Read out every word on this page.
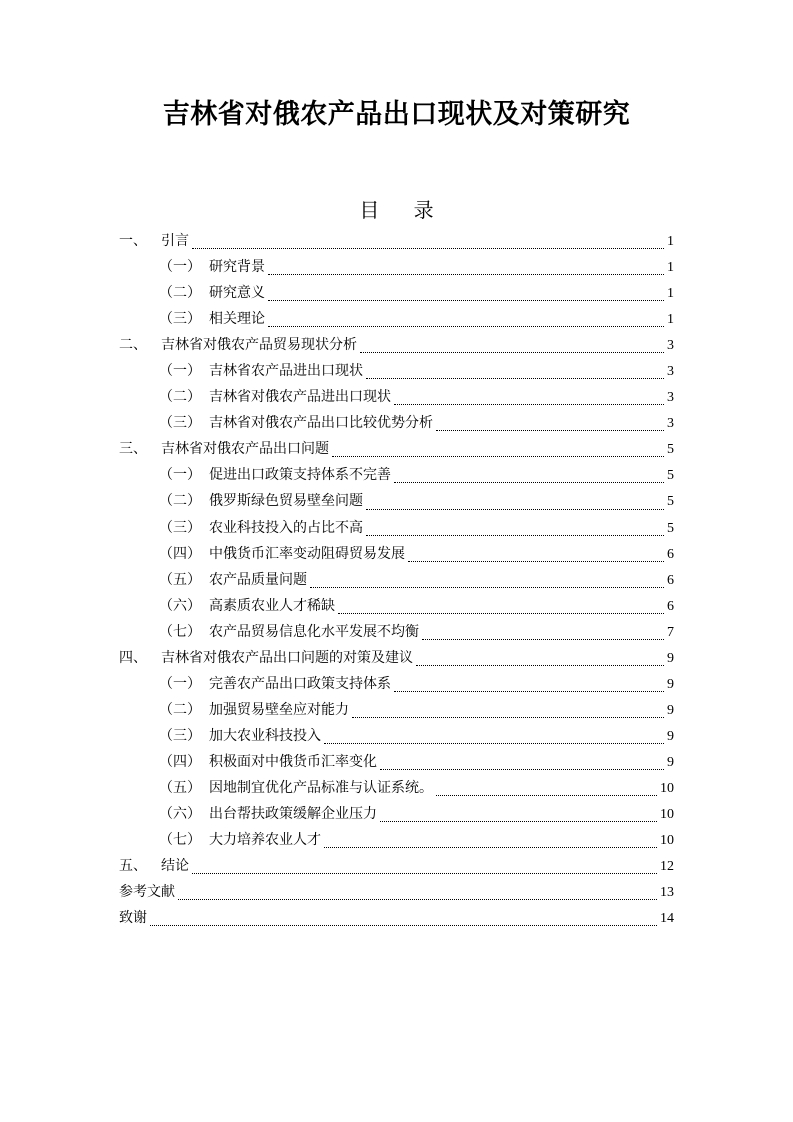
吉林省对俄农产品出口现状及对策研究
目 录
一、	引言	1
（一） 研究背景	1
（二） 研究意义	1
（三） 相关理论	1
二、	吉林省对俄农产品贸易现状分析	3
（一） 吉林省农产品进出口现状	3
（二） 吉林省对俄农产品进出口现状	3
（三） 吉林省对俄农产品出口比较优势分析	3
三、	吉林省对俄农产品出口问题	5
（一） 促进出口政策支持体系不完善	5
（二） 俄罗斯绿色贸易壁垒问题	5
（三） 农业科技投入的占比不高	5
（四） 中俄货币汇率变动阻碍贸易发展	6
（五） 农产品质量问题	6
（六） 高素质农业人才稀缺	6
（七） 农产品贸易信息化水平发展不均衡	7
四、	吉林省对俄农产品出口问题的对策及建议	9
（一） 完善农产品出口政策支持体系	9
（二） 加强贸易壁垒应对能力	9
（三） 加大农业科技投入	9
（四） 积极面对中俄货币汇率变化	9
（五） 因地制宜优化产品标准与认证系统。	10
（六） 出台帮扶政策缓解企业压力	10
（七） 大力培养农业人才	10
五、	结论	12
参考文献	13
致谢	14
